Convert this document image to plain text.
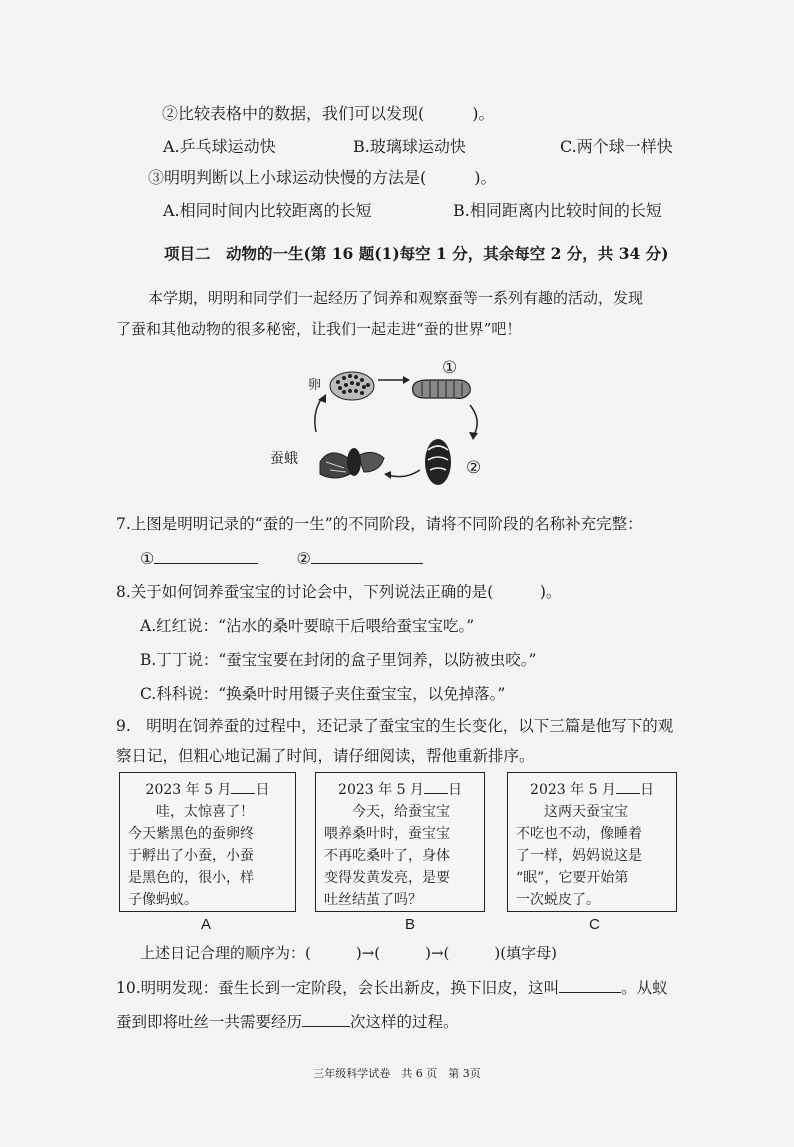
②比较表格中的数据，我们可以发现(　　　)。
A.乒乓球运动快	B.玻璃球运动快	C.两个球一样快
③明明判断以上小球运动快慢的方法是(　　　)。
A.相同时间内比较距离的长短	B.相同距离内比较时间的长短
项目二　动物的一生(第 16 题(1)每空 1 分，其余每空 2 分，共 34 分)
本学期，明明和同学们一起经历了饲养和观察蚕等一系列有趣的活动，发现
了蚕和其他动物的很多秘密，让我们一起走进“蚕的世界”吧！
卵
①
②
蚕蛾
7.上图是明明记录的“蚕的一生”的不同阶段，请将不同阶段的名称补充完整：
①	②
8.关于如何饲养蚕宝宝的讨论会中，下列说法正确的是(　　　)。
A.红红说：“沾水的桑叶要晾干后喂给蚕宝宝吃。”
B.丁丁说：“蚕宝宝要在封闭的盒子里饲养，以防被虫咬。”
C.科科说：“换桑叶时用镊子夹住蚕宝宝，以免掉落。”
9.　明明在饲养蚕的过程中，还记录了蚕宝宝的生长变化，以下三篇是他写下的观
察日记，但粗心地记漏了时间，请仔细阅读，帮他重新排序。
2023 年 5 月 日
　　哇，太惊喜了！
今天紫黑色的蚕卵终
于孵出了小蚕，小蚕
是黑色的，很小，样
子像蚂蚁。
2023 年 5 月 日
　　今天，给蚕宝宝
喂养桑叶时，蚕宝宝
不再吃桑叶了，身体
变得发黄发亮，是要
吐丝结茧了吗？
2023 年 5 月 日
　　这两天蚕宝宝
不吃也不动，像睡着
了一样，妈妈说这是
“眠”，它要开始第
一次蜕皮了。
A	B	C
上述日记合理的顺序为：(　　　)→(　　　)→(　　　)(填字母)
10.明明发现：蚕生长到一定阶段，会长出新皮，换下旧皮，这叫	。从蚁
蚕到即将吐丝一共需要经历	次这样的过程。
三年级科学试卷　共 6 页　第 3页
